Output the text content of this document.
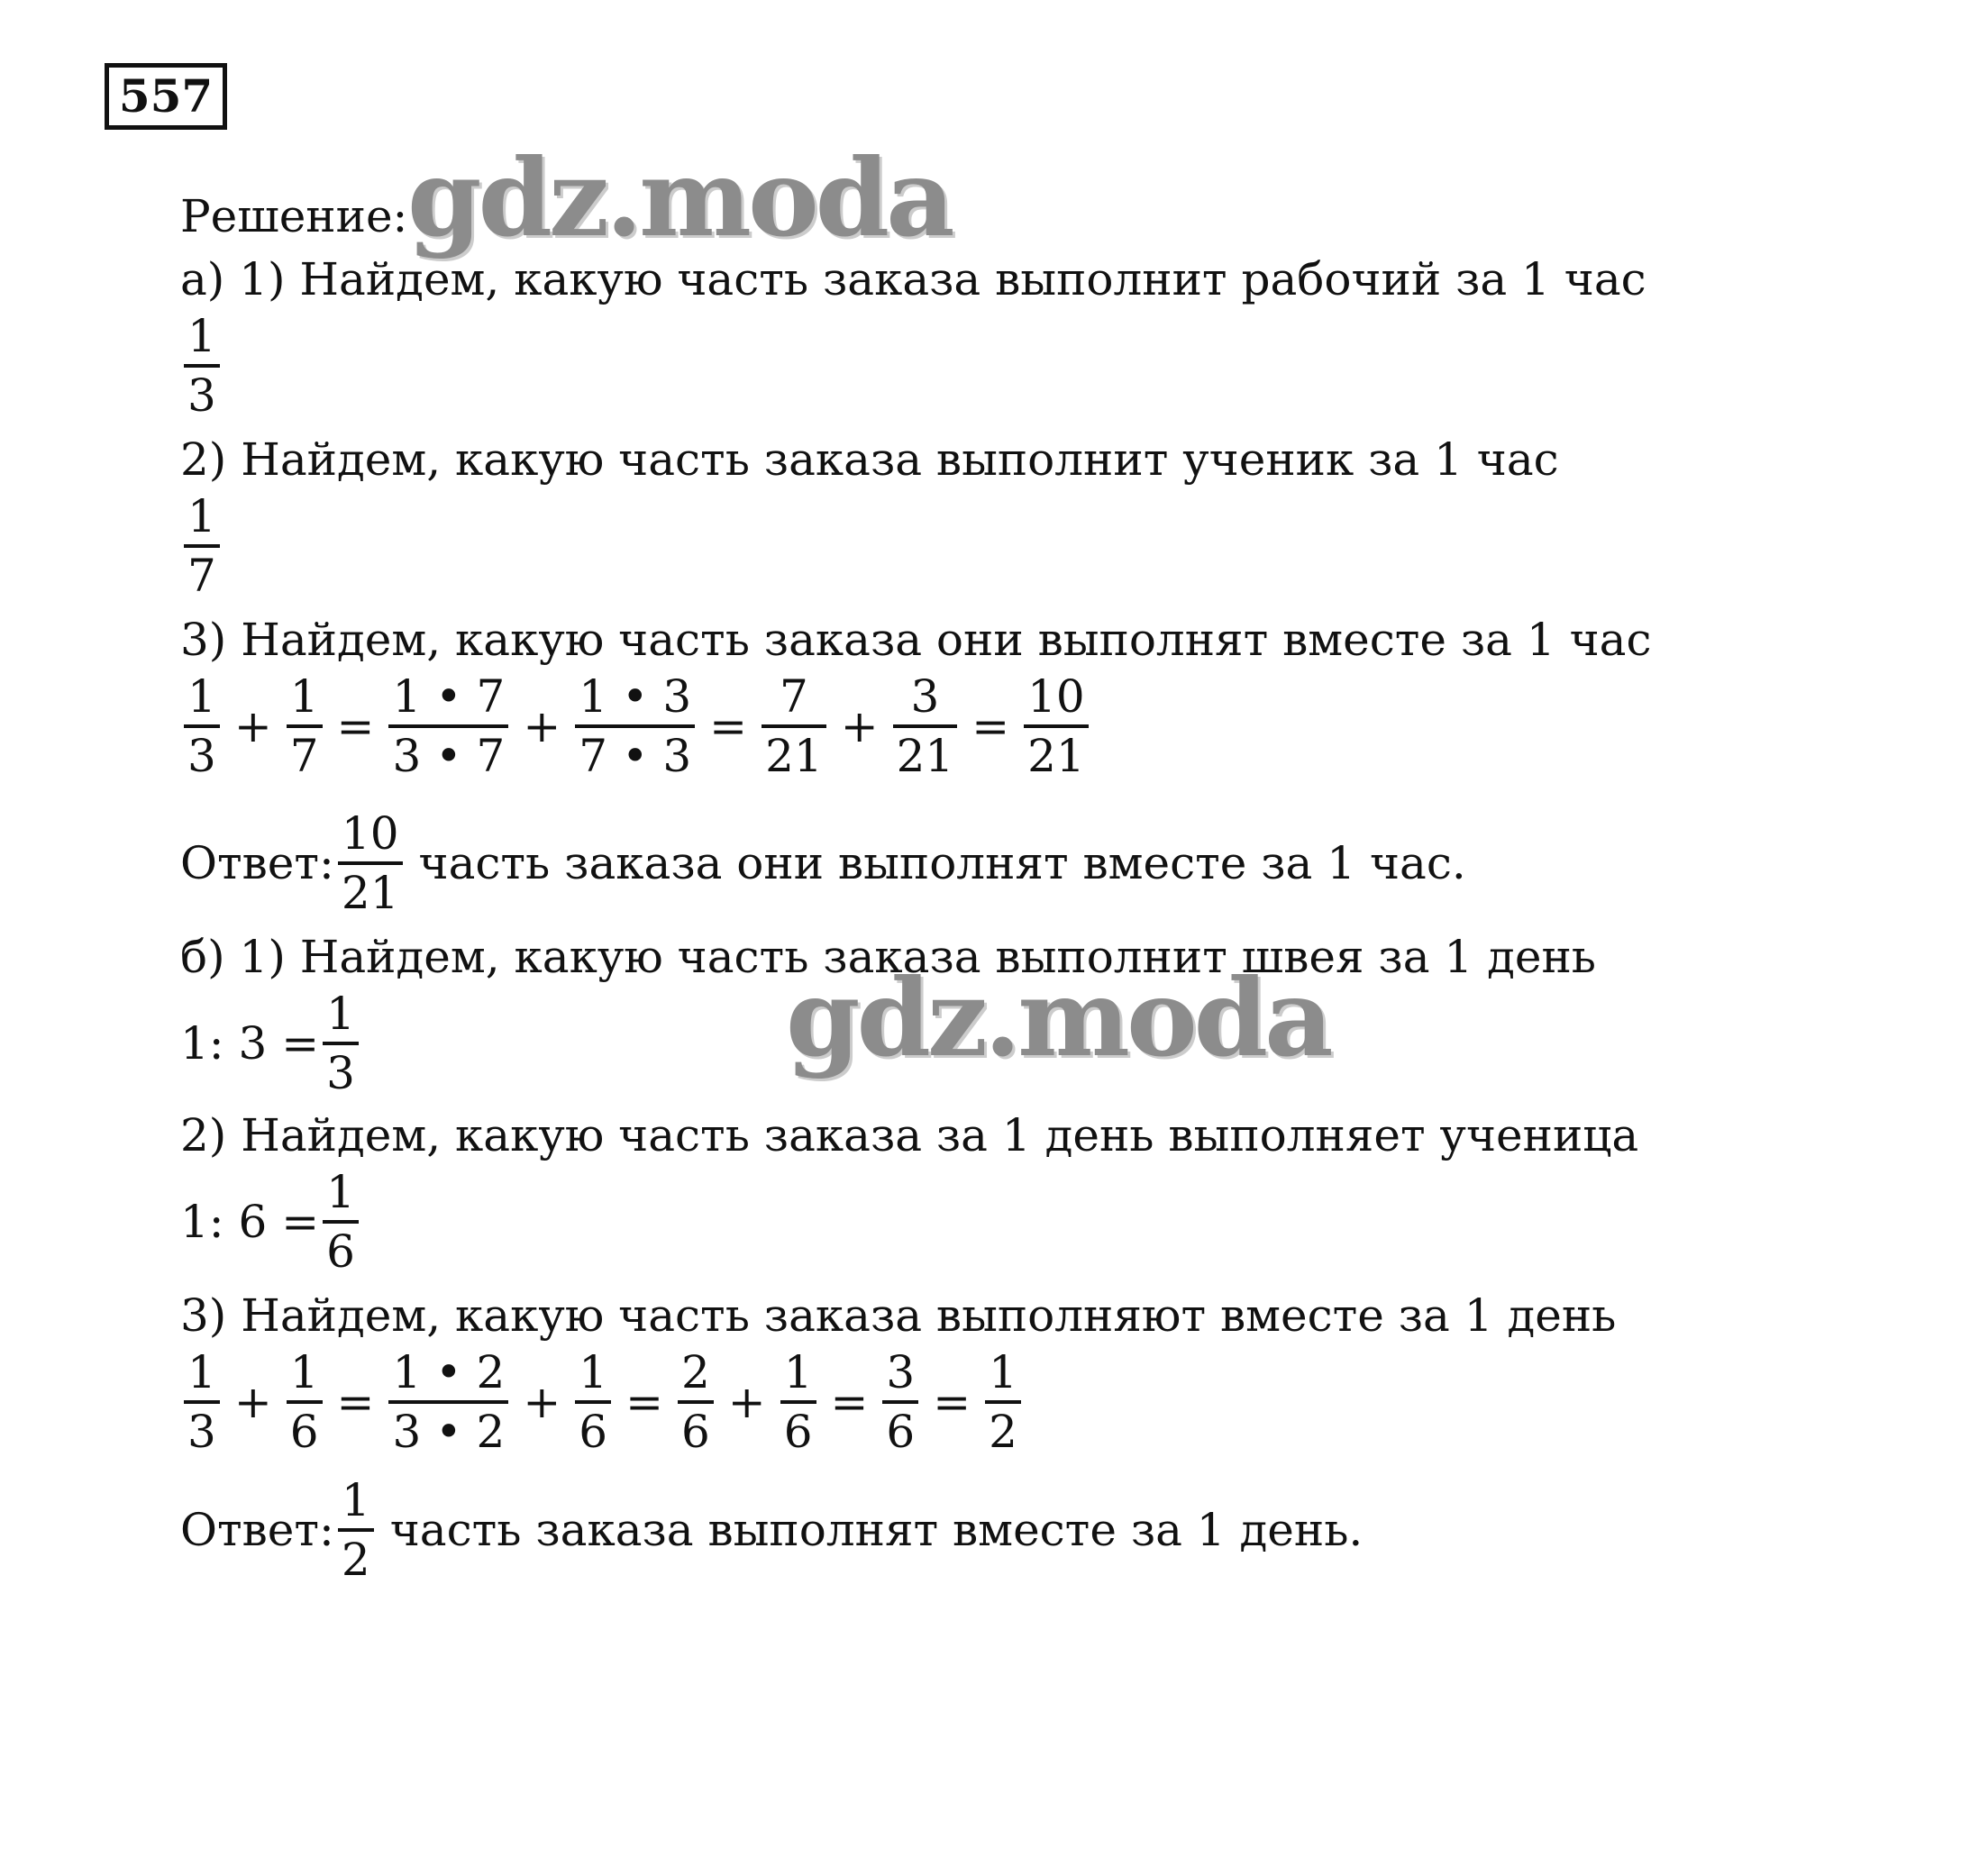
557
Решение: gdz.moda
а) 1) Найдем, какую часть заказа выполнит рабочий за 1 час
$\frac{1}{3}$
2) Найдем, какую часть заказа выполнит ученик за 1 час
$\frac{1}{7}$
3) Найдем, какую часть заказа они выполнят вместе за 1 час
$\frac{1}{3} + \frac{1}{7} = \frac{1 • 7}{3 • 7} + \frac{1 • 3}{7 • 3} = \frac{7}{21} + \frac{3}{21} = \frac{10}{21}$
Ответ: $\frac{10}{21}$ часть заказа они выполнят вместе за 1 час.
б) 1) Найдем, какую часть заказа выполнит швея за 1 день
1: $3 = \frac{1}{3}$	gdz.moda
2) Найдем, какую часть заказа за 1 день выполняет ученица
1: $6 = \frac{1}{6}$
3) Найдем, какую часть заказа выполняют вместе за 1 день
$\frac{1}{3} + \frac{1}{6} = \frac{1 • 2}{3 • 2} + \frac{1}{6} = \frac{2}{6} + \frac{1}{6} = \frac{3}{6} = \frac{1}{2}$
Ответ: $\frac{1}{2}$ часть заказа выполнят вместе за 1 день.
